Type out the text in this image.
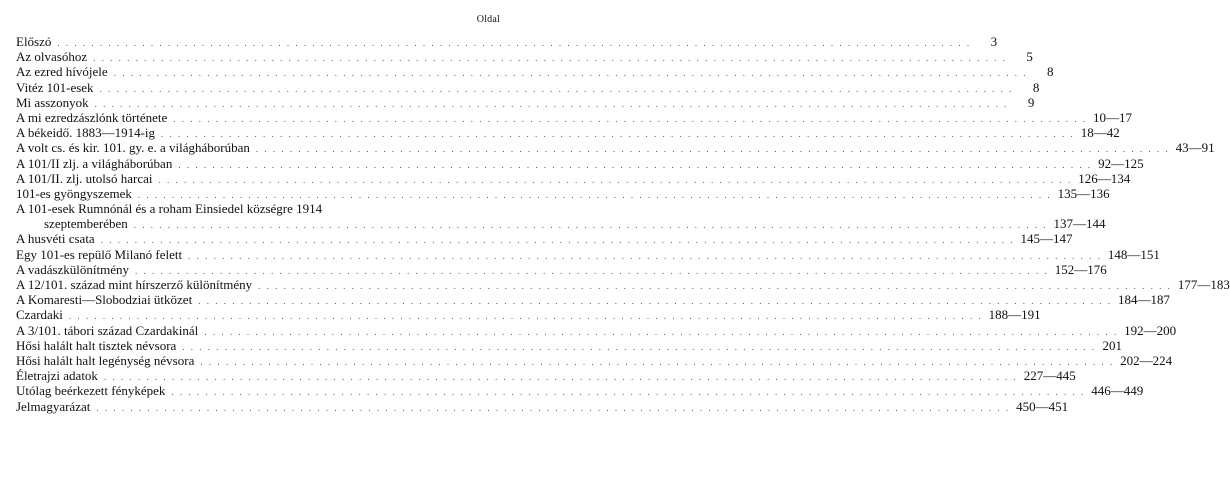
Oldal
Előszó . . .	3
Az olvasóhoz . . .	5
Az ezred hívójele . . .	8
Vitéz 101-esek . . .	8
Mi asszonyok . . .	9
A mi ezredzászlónk története . . .	10—17
A békeidő. 1883—1914-ig . . .	18—42
A volt cs. és kir. 101. gy. e. a világháborúban . . .	43—91
A 101/II zlj. a világháborúban . . .	92—125
A 101/II. zlj. utolsó harcai . . .	126—134
101-es gyöngyszemek . . .	135—136
A 101-esek Rumnónál és a roham Einsiedel községre 1914
szeptemberében . . .	137—144
A husvéti csata . . .	145—147
Egy 101-es repülő Milanó felett . . .	148—151
A vadászkülönítmény . . .	152—176
A 12/101. század mint hírszerző különítmény . . .	177—183
A Komaresti—Slobodziai ütközet . . .	184—187
Czardaki . . .	188—191
A 3/101. tábori század Czardakinál . . .	192—200
Hősi halált halt tisztek névsora . . .	201
Hősi halált halt legénység névsora . . .	202—224
Életrajzi adatok . . .	227—445
Utólag beérkezett fényképek . . .	446—449
Jelmagyarázat . . .	450—451
